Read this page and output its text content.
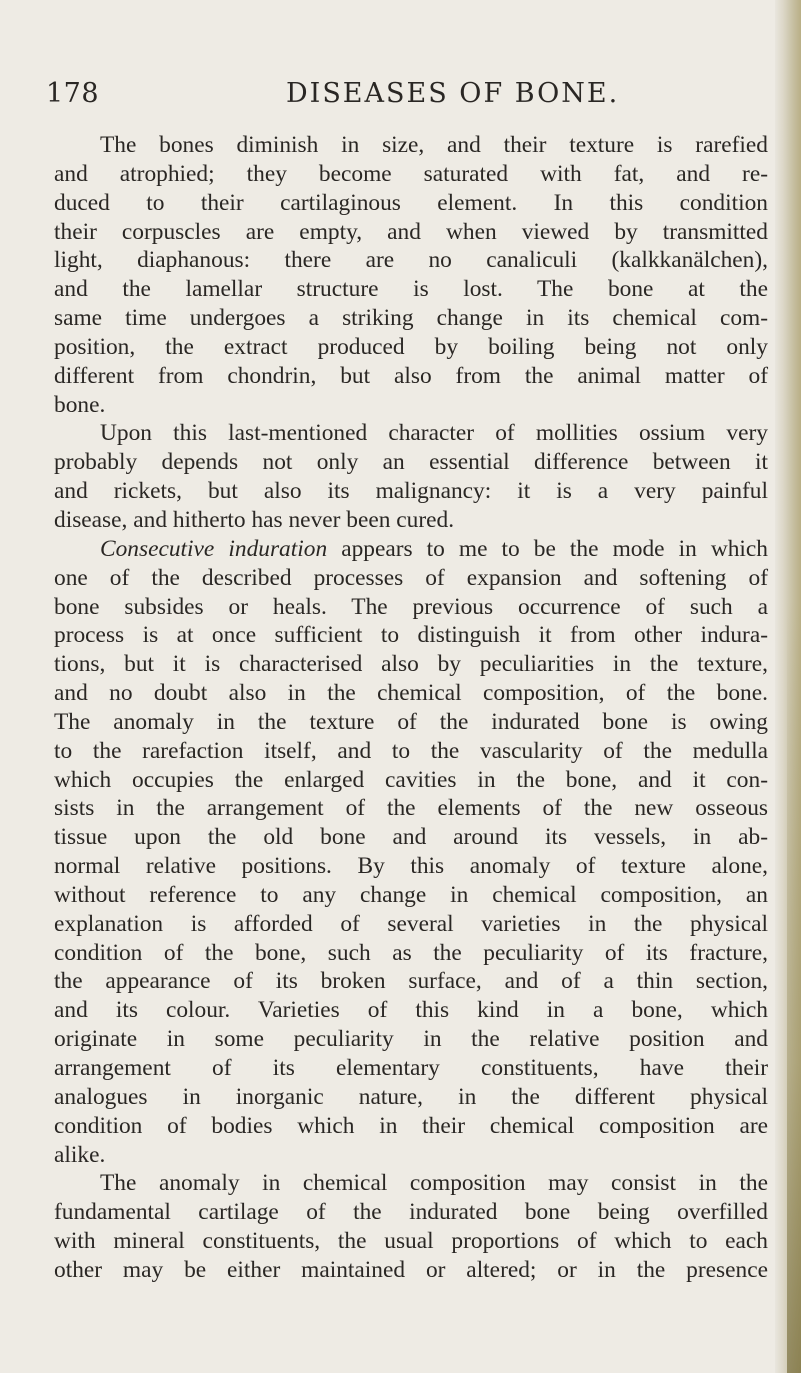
178	DISEASES OF BONE.
The bones diminish in size, and their texture is rarefied
and atrophied; they become saturated with fat, and re-
duced to their cartilaginous element. In this condition
their corpuscles are empty, and when viewed by transmitted
light, diaphanous: there are no canaliculi (kalkkanälchen),
and the lamellar structure is lost. The bone at the
same time undergoes a striking change in its chemical com-
position, the extract produced by boiling being not only
different from chondrin, but also from the animal matter of
bone.
Upon this last-mentioned character of mollities ossium very
probably depends not only an essential difference between it
and rickets, but also its malignancy: it is a very painful
disease, and hitherto has never been cured.
Consecutive induration appears to me to be the mode in which
one of the described processes of expansion and softening of
bone subsides or heals. The previous occurrence of such a
process is at once sufficient to distinguish it from other indura-
tions, but it is characterised also by peculiarities in the texture,
and no doubt also in the chemical composition, of the bone.
The anomaly in the texture of the indurated bone is owing
to the rarefaction itself, and to the vascularity of the medulla
which occupies the enlarged cavities in the bone, and it con-
sists in the arrangement of the elements of the new osseous
tissue upon the old bone and around its vessels, in ab-
normal relative positions. By this anomaly of texture alone,
without reference to any change in chemical composition, an
explanation is afforded of several varieties in the physical
condition of the bone, such as the peculiarity of its fracture,
the appearance of its broken surface, and of a thin section,
and its colour. Varieties of this kind in a bone, which
originate in some peculiarity in the relative position and
arrangement of its elementary constituents, have their
analogues in inorganic nature, in the different physical
condition of bodies which in their chemical composition are
alike.
The anomaly in chemical composition may consist in the
fundamental cartilage of the indurated bone being overfilled
with mineral constituents, the usual proportions of which to each
other may be either maintained or altered; or in the presence
